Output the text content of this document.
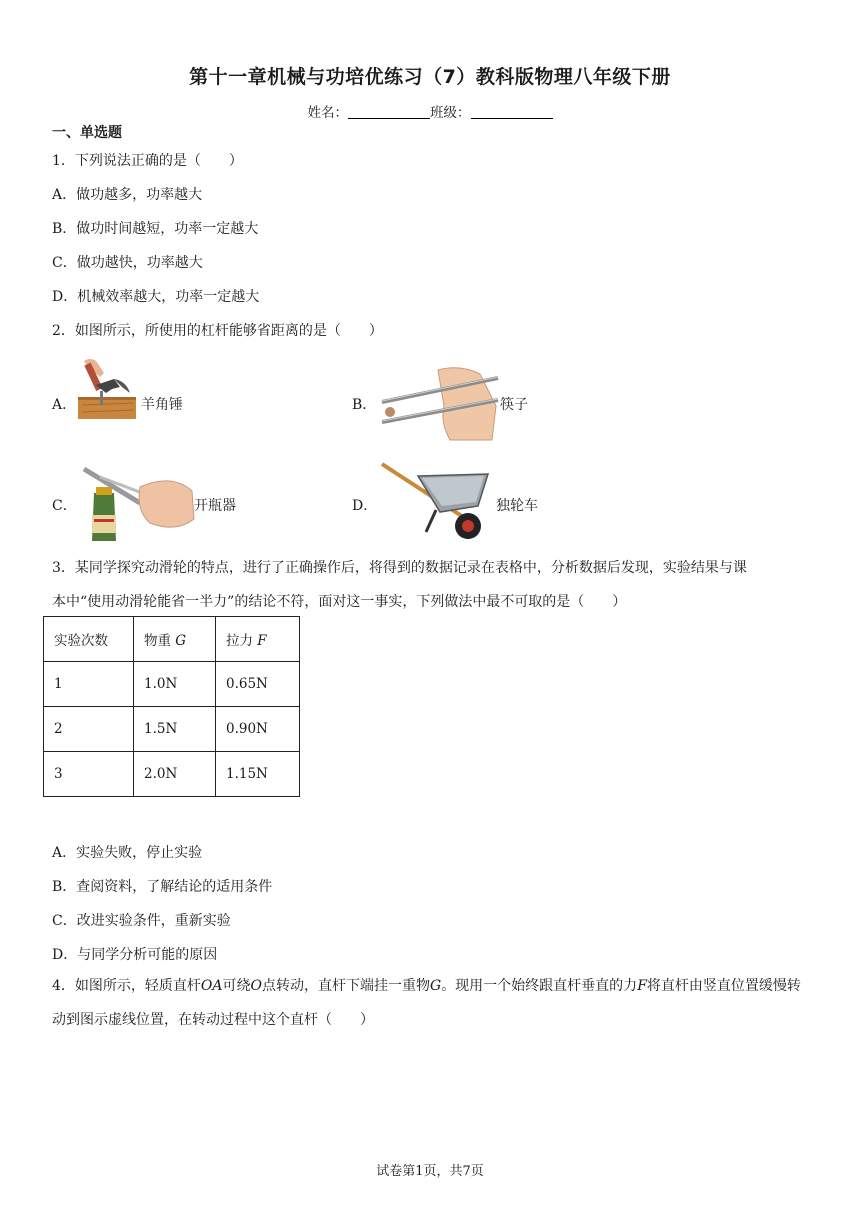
第十一章机械与功培优练习（7）教科版物理八年级下册
姓名：	班级：
一、单选题
1．下列说法正确的是（　　）
A．做功越多，功率越大
B．做功时间越短，功率一定越大
C．做功越快，功率越大
D．机械效率越大，功率一定越大
2．如图所示，所使用的杠杆能够省距离的是（　　）
A．	羊角锤	B．	筷子
C．	开瓶器	D．	独轮车
3．某同学探究动滑轮的特点，进行了正确操作后，将得到的数据记录在表格中，分析数据后发现，实验结果与课
本中“使用动滑轮能省一半力”的结论不符，面对这一事实，下列做法中最不可取的是（　　）
实验次数	物重 G	拉力 F
1	1.0N	0.65N
2	1.5N	0.90N
3	2.0N	1.15N
A．实验失败，停止实验
B．查阅资料，了解结论的适用条件
C．改进实验条件，重新实验
D．与同学分析可能的原因
4．如图所示，轻质直杆OA可绕O点转动，直杆下端挂一重物G。现用一个始终跟直杆垂直的力F将直杆由竖直位置缓慢转动到图示虚线位置，在转动过程中这个直杆（　　）
试卷第1页，共7页
